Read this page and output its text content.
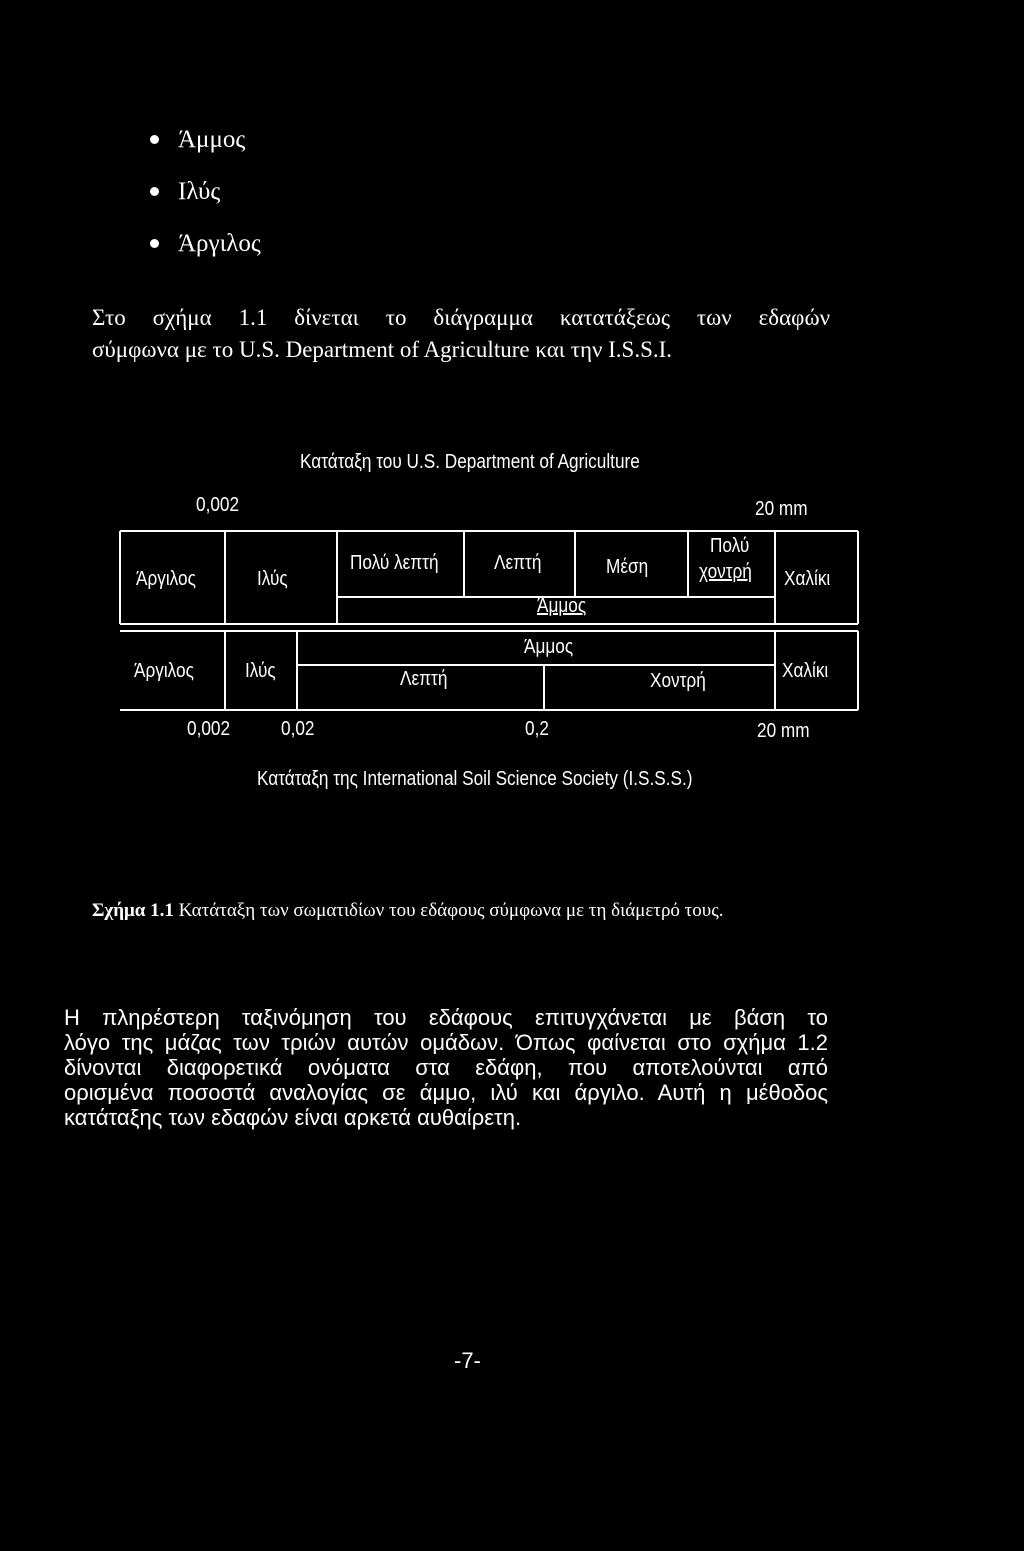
Άμμος
Ιλύς
Άργιλος
Στο σχήμα 1.1 δίνεται το διάγραμμα κατατάξεως των εδαφών
σύμφωνα με το U.S. Department of Agriculture και την I.S.S.I.
Κατάταξη του U.S. Department of Agriculture
0,002	20 mm
Άργιλος	Ιλύς
Πολύ λεπτή	Λεπτή	Μέση
Πολύ
χοντρή
Άμμος
Χαλίκι
Άργιλος	Ιλύς
Άμμος
Λεπτή	Χοντρή	Χαλίκι
0,002	0,02	0,2	20 mm
Κατάταξη της International Soil Science Society (I.S.S.S.)
Σχήμα 1.1 Κατάταξη των σωματιδίων του εδάφους σύμφωνα με τη διάμετρό τους.
Η πληρέστερη ταξινόμηση του εδάφους επιτυγχάνεται με βάση το
λόγο της μάζας των τριών αυτών ομάδων. Όπως φαίνεται στο σχήμα 1.2
δίνονται διαφορετικά ονόματα στα εδάφη, που αποτελούνται από
ορισμένα ποσοστά αναλογίας σε άμμο, ιλύ και άργιλο. Αυτή η μέθοδος
κατάταξης των εδαφών είναι αρκετά αυθαίρετη.
-7-
